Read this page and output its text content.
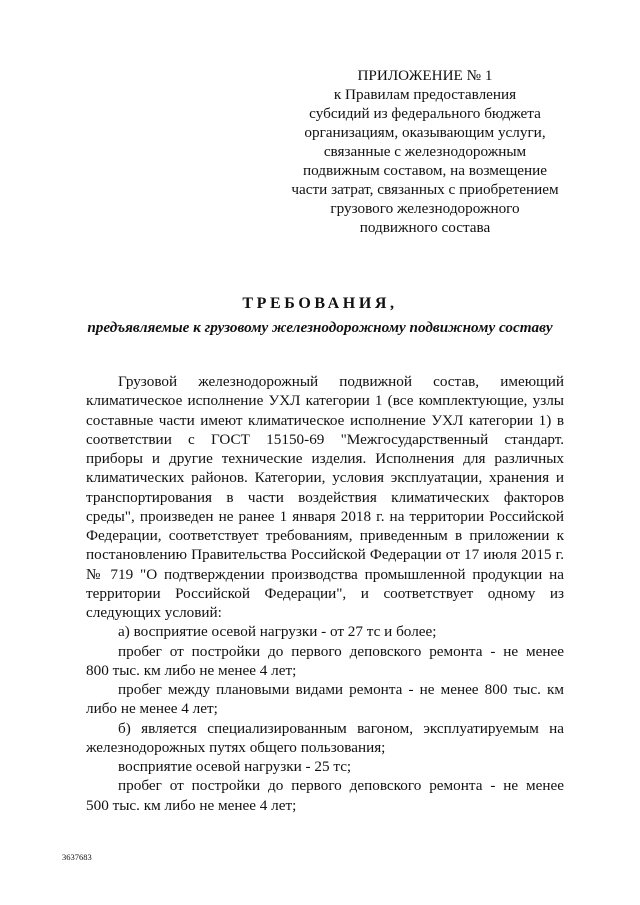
ПРИЛОЖЕНИЕ № 1
к Правилам предоставления
субсидий из федерального бюджета
организациям, оказывающим услуги,
связанные с железнодорожным
подвижным составом, на возмещение
части затрат, связанных с приобретением
грузового железнодорожного
подвижного состава
ТРЕБОВАНИЯ,
предъявляемые к грузовому железнодорожному подвижному составу
Грузовой железнодорожный подвижной состав, имеющий
климатическое исполнение УХЛ категории 1 (все комплектующие, узлы
составные части имеют климатическое исполнение УХЛ категории 1) в
соответствии с ГОСТ 15150-69 "Межгосударственный стандарт.
приборы и другие технические изделия. Исполнения для различных
климатических районов. Категории, условия эксплуатации, хранения и
транспортирования в части воздействия климатических факторов
среды", произведен не ранее 1 января 2018 г. на территории Российской
Федерации, соответствует требованиям, приведенным в приложении к
постановлению Правительства Российской Федерации от 17 июля 2015 г.
№ 719 "О подтверждении производства промышленной продукции на
территории Российской Федерации", и соответствует одному из
следующих условий:
а) восприятие осевой нагрузки - от 27 тс и более;
пробег от постройки до первого деповского ремонта - не менее
800 тыс. км либо не менее 4 лет;
пробег между плановыми видами ремонта - не менее 800 тыс. км
либо не менее 4 лет;
б) является специализированным вагоном, эксплуатируемым на
железнодорожных путях общего пользования;
восприятие осевой нагрузки - 25 тс;
пробег от постройки до первого деповского ремонта - не менее
500 тыс. км либо не менее 4 лет;
3637683
